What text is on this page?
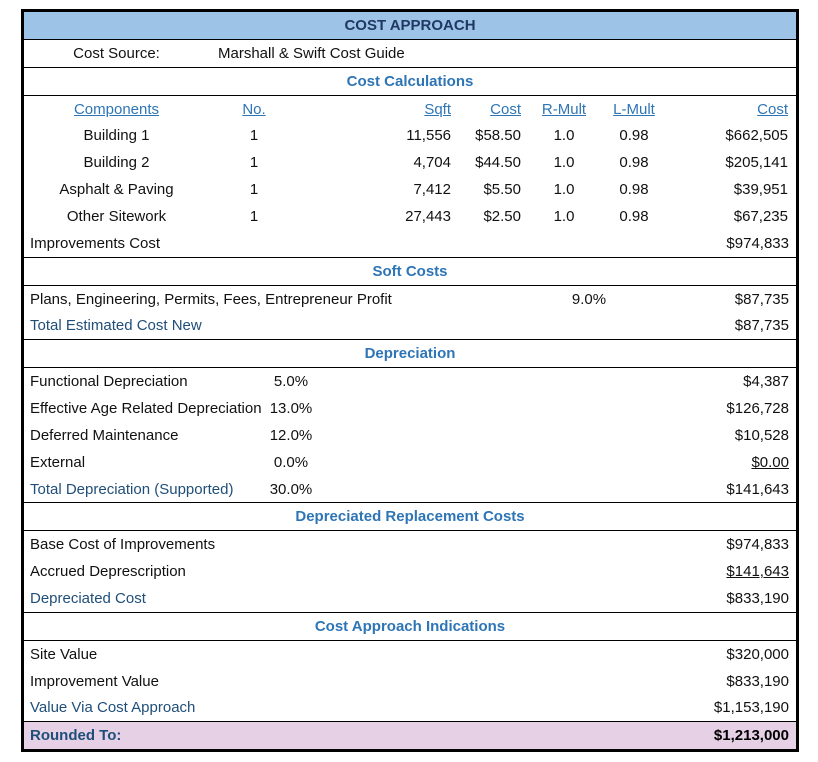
COST APPROACH
Cost Source:	Marshall & Swift Cost Guide
Cost Calculations
Components	No.	Sqft	Cost	R-Mult	L-Mult	Cost
Building 1	1	11,556	$58.50	1.0	0.98	$662,505
Building 2	1	4,704	$44.50	1.0	0.98	$205,141
Asphalt & Paving	1	7,412	$5.50	1.0	0.98	$39,951
Other Sitework	1	27,443	$2.50	1.0	0.98	$67,235
Improvements Cost	$974,833
Soft Costs
Plans, Engineering, Permits, Fees, Entrepreneur Profit	9.0%	$87,735
Total Estimated Cost New	$87,735
Depreciation
Functional Depreciation	5.0%	$4,387
Effective Age Related Depreciation 13.0%	$126,728
Deferred Maintenance	12.0%	$10,528
External	0.0%	$0.00
Total Depreciation (Supported)	30.0%	$141,643
Depreciated Replacement Costs
Base Cost of Improvements	$974,833
Accrued Deprescription	$141,643
Depreciated Cost	$833,190
Cost Approach Indications
Site Value	$320,000
Improvement Value	$833,190
Value Via Cost Approach	$1,153,190
Rounded To:	$1,213,000
